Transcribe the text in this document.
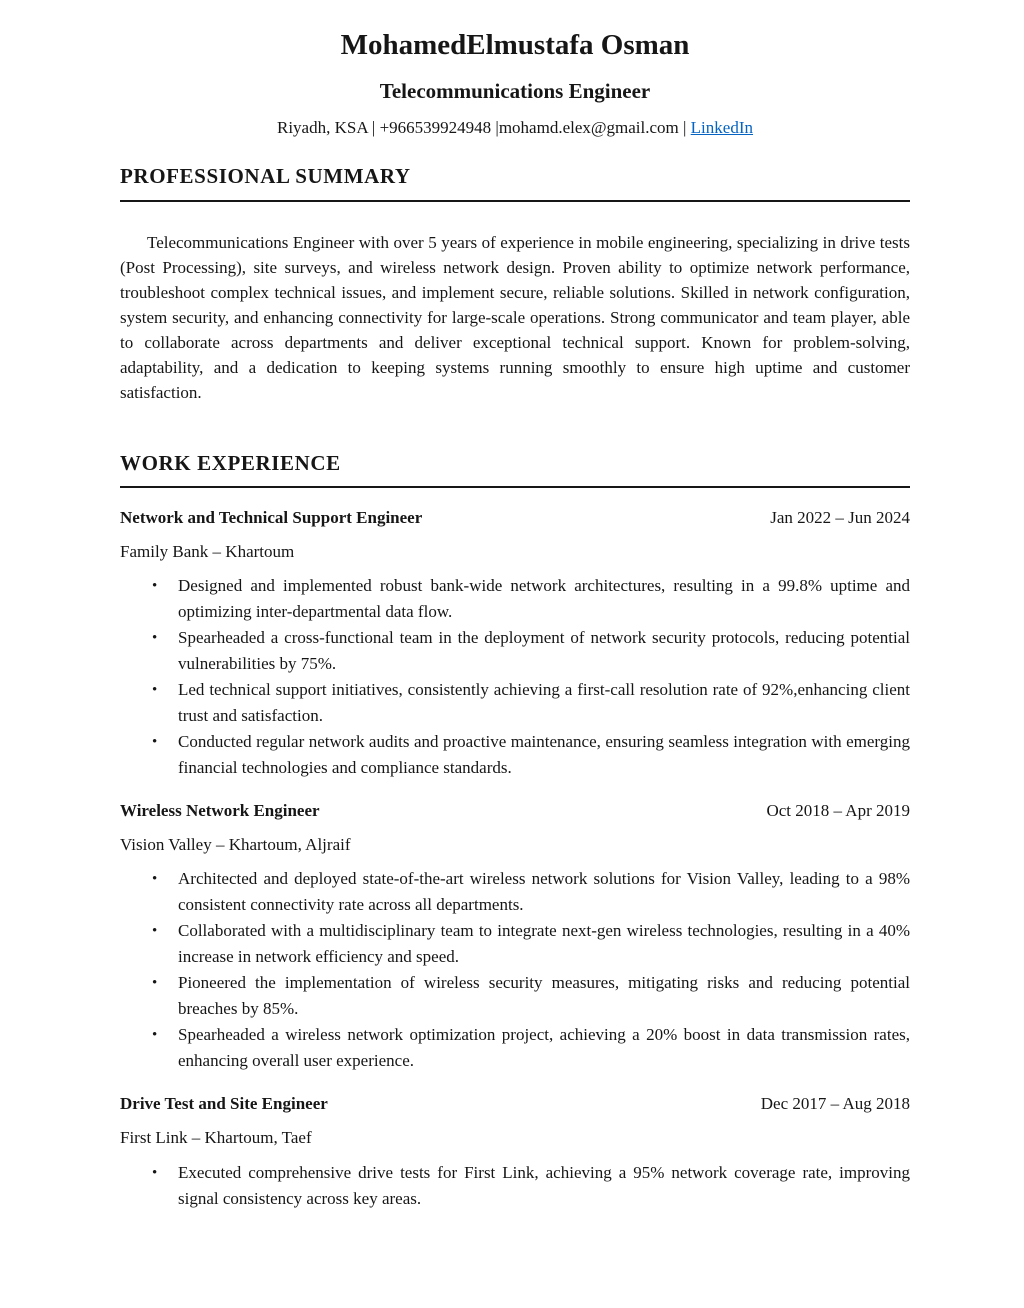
MohamedElmustafa Osman
Telecommunications Engineer

Riyadh, KSA | +966539924948 |mohamd.elex@gmail.com | LinkedIn

PROFESSIONAL SUMMARY

Telecommunications Engineer with over 5 years of experience in mobile engineering, specializing in drive tests (Post Processing), site surveys, and wireless network design. Proven ability to optimize network performance, troubleshoot complex technical issues, and implement secure, reliable solutions. Skilled in network configuration, system security, and enhancing connectivity for large-scale operations. Strong communicator and team player, able to collaborate across departments and deliver exceptional technical support. Known for problem-solving, adaptability, and a dedication to keeping systems running smoothly to ensure high uptime and customer satisfaction.

WORK EXPERIENCE
Network and Technical Support Engineer	Jan 2022 – Jun 2024

Family Bank – Khartoum

• Designed and implemented robust bank-wide network architectures, resulting in a 99.8% uptime and optimizing inter-departmental data flow.
• Spearheaded a cross-functional team in the deployment of network security protocols, reducing potential vulnerabilities by 75%.
• Led technical support initiatives, consistently achieving a first-call resolution rate of 92%,enhancing client trust and satisfaction.
• Conducted regular network audits and proactive maintenance, ensuring seamless integration with emerging financial technologies and compliance standards.
Wireless Network Engineer	Oct 2018 – Apr 2019

Vision Valley – Khartoum, Aljraif

• Architected and deployed state-of-the-art wireless network solutions for Vision Valley, leading to a 98% consistent connectivity rate across all departments.
• Collaborated with a multidisciplinary team to integrate next-gen wireless technologies, resulting in a 40% increase in network efficiency and speed.
• Pioneered the implementation of wireless security measures, mitigating risks and reducing potential breaches by 85%.
• Spearheaded a wireless network optimization project, achieving a 20% boost in data transmission rates, enhancing overall user experience.
Drive Test and Site Engineer	Dec 2017 – Aug 2018

First Link – Khartoum, Taef

• Executed comprehensive drive tests for First Link, achieving a 95% network coverage rate, improving signal consistency across key areas.
